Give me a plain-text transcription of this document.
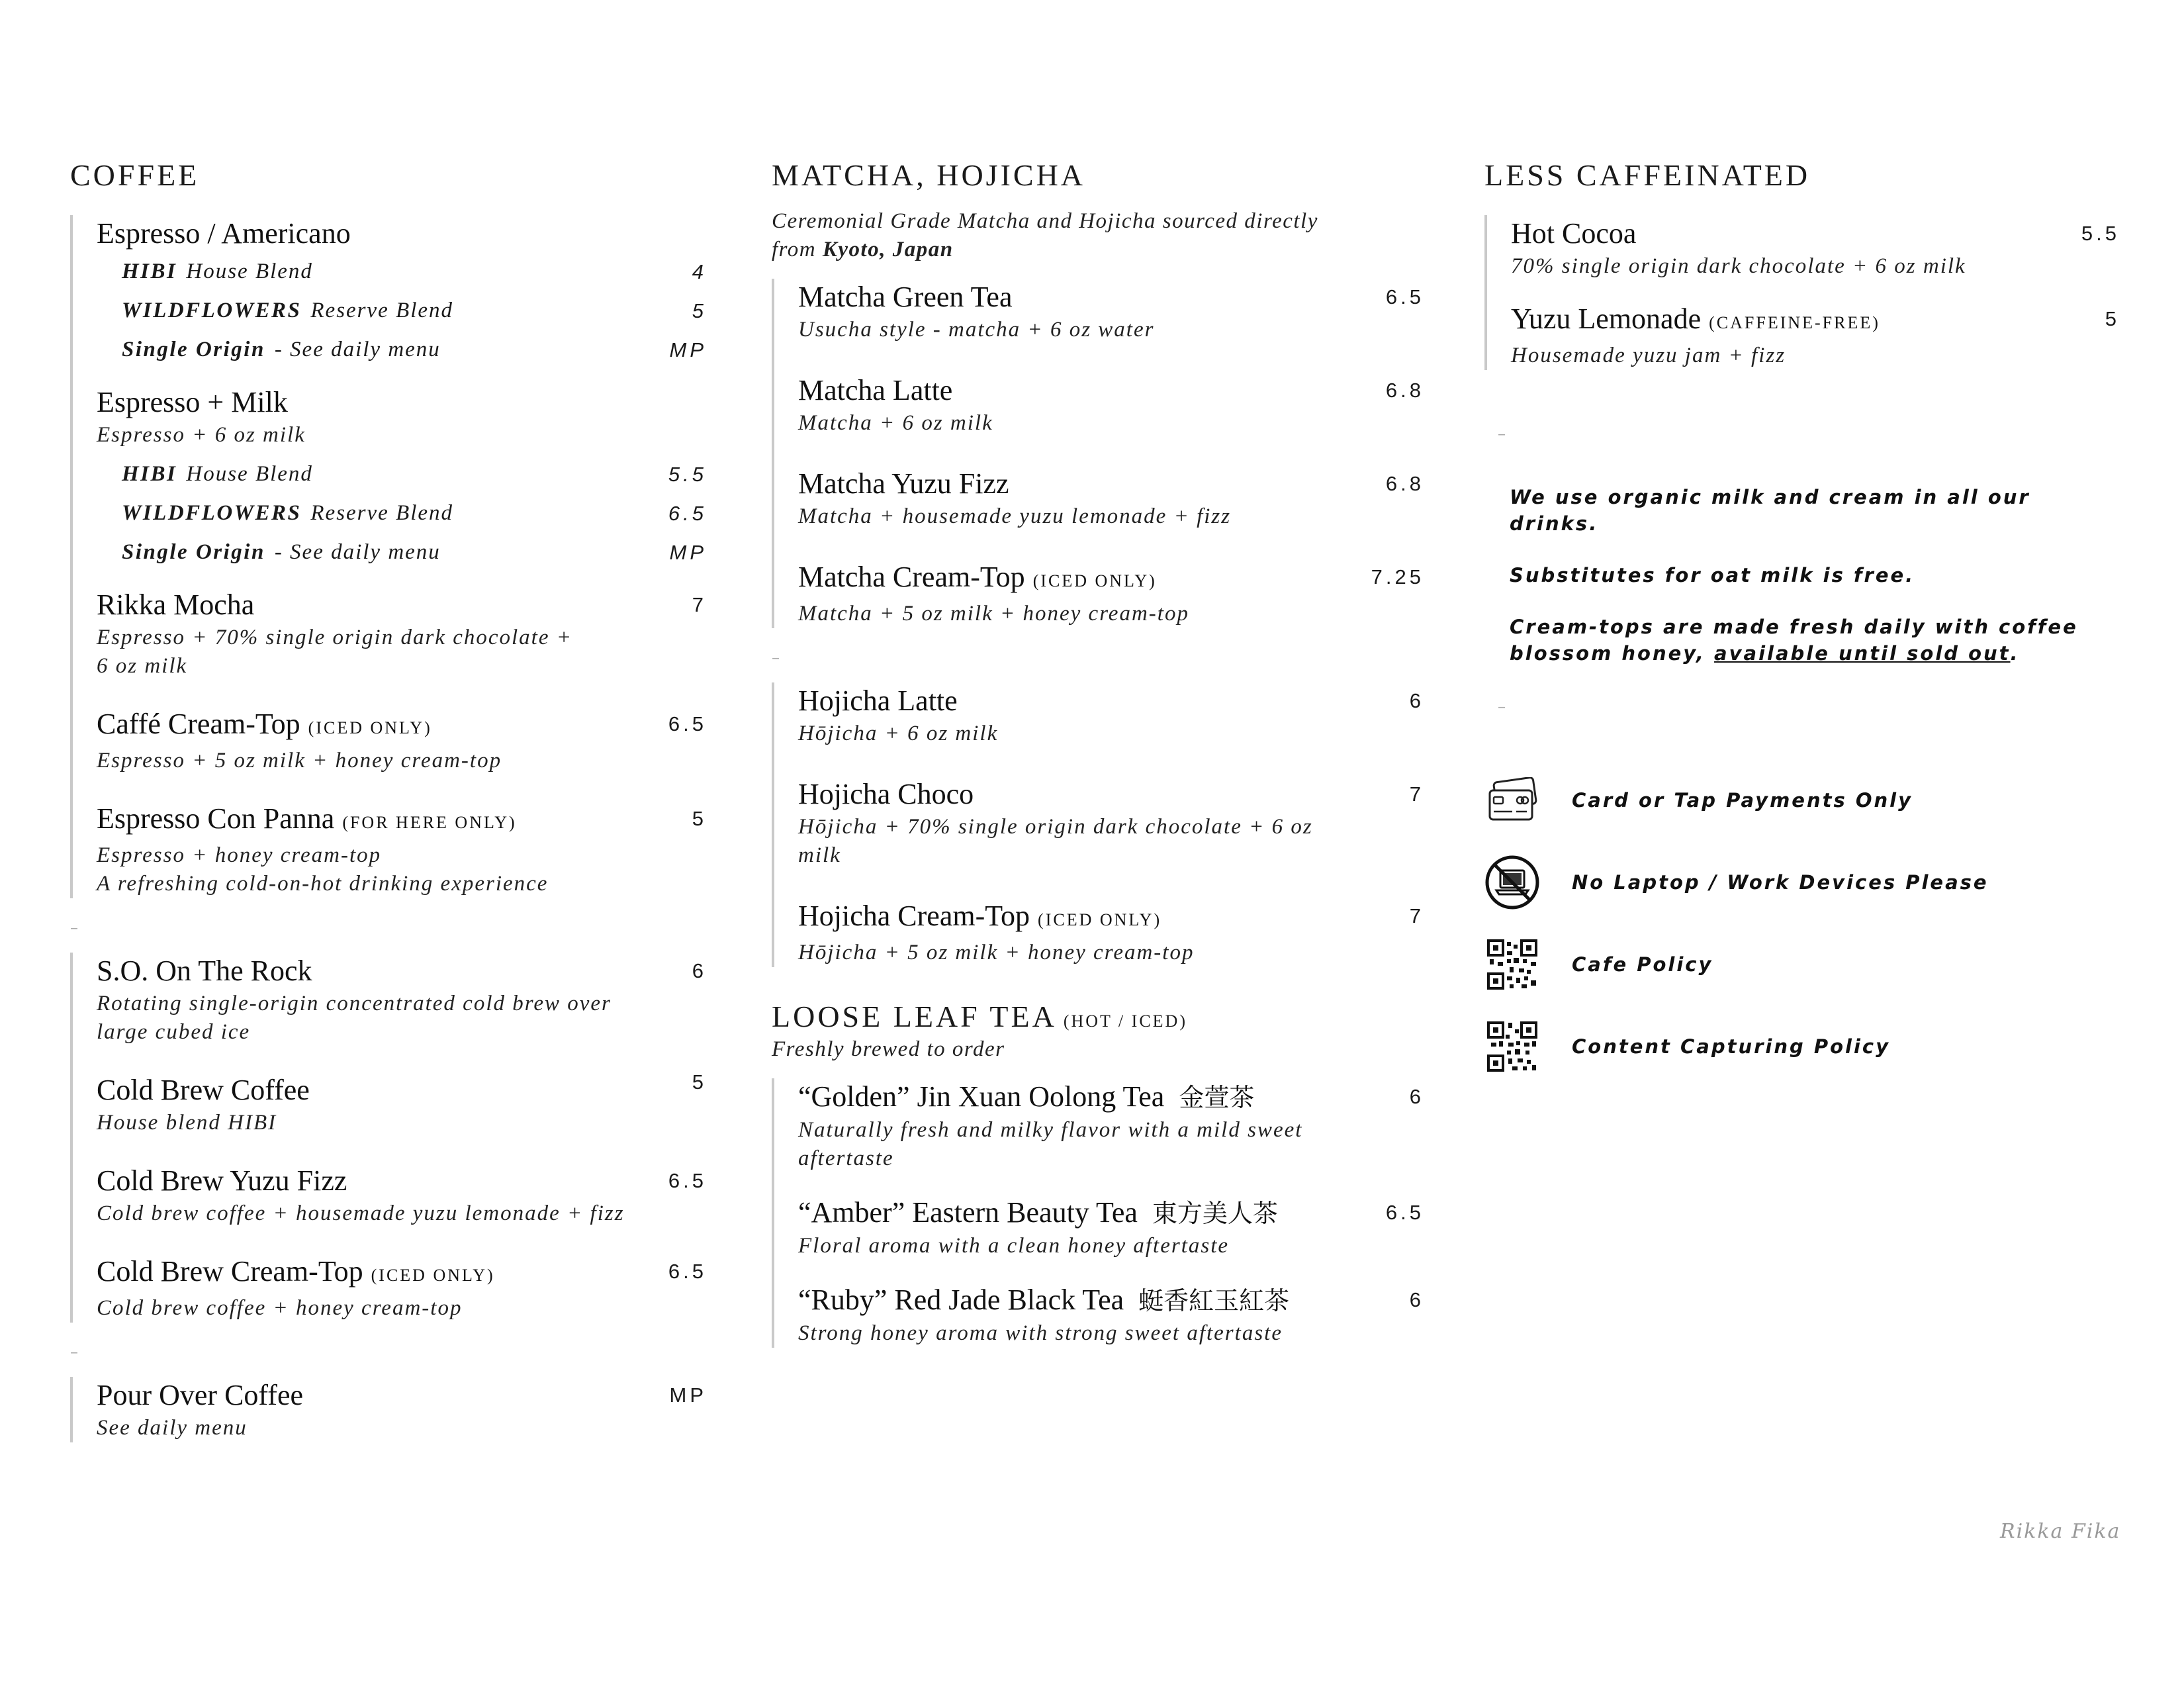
COFFEE
Espresso / Americano
HIBI House Blend	4
WILDFLOWERS Reserve Blend	5
Single Origin - See daily menu	MP
Espresso + Milk
Espresso + 6 oz milk
HIBI House Blend	5.5
WILDFLOWERS Reserve Blend	6.5
Single Origin - See daily menu	MP
Rikka Mocha	7
Espresso + 70% single origin dark chocolate + 6 oz milk
Caffé Cream-Top (ICED ONLY)	6.5
Espresso + 5 oz milk + honey cream-top
Espresso Con Panna (FOR HERE ONLY)	5
Espresso + honey cream-top
A refreshing cold-on-hot drinking experience
–
S.O. On The Rock	6
Rotating single-origin concentrated cold brew over large cubed ice
Cold Brew Coffee	5
House blend HIBI
Cold Brew Yuzu Fizz	6.5
Cold brew coffee + housemade yuzu lemonade + fizz
Cold Brew Cream-Top (ICED ONLY)	6.5
Cold brew coffee + honey cream-top
–
Pour Over Coffee	MP
See daily menu
MATCHA, HOJICHA
Ceremonial Grade Matcha and Hojicha sourced directly from Kyoto, Japan
Matcha Green Tea	6.5
Usucha style - matcha + 6 oz water
Matcha Latte	6.8
Matcha + 6 oz milk
Matcha Yuzu Fizz	6.8
Matcha + housemade yuzu lemonade + fizz
Matcha Cream-Top (ICED ONLY)	7.25
Matcha + 5 oz milk + honey cream-top
–
Hojicha Latte	6
Hōjicha + 6 oz milk
Hojicha Choco	7
Hōjicha + 70% single origin dark chocolate + 6 oz milk
Hojicha Cream-Top (ICED ONLY)	7
Hōjicha + 5 oz milk + honey cream-top
LOOSE LEAF TEA (HOT / ICED)
Freshly brewed to order
“Golden” Jin Xuan Oolong Tea 金萱茶	6
Naturally fresh and milky flavor with a mild sweet aftertaste
“Amber” Eastern Beauty Tea 東方美人茶	6.5
Floral aroma with a clean honey aftertaste
“Ruby” Red Jade Black Tea 蜓香紅玉紅茶	6
Strong honey aroma with strong sweet aftertaste
LESS CAFFEINATED
Hot Cocoa	5.5
70% single origin dark chocolate + 6 oz milk
Yuzu Lemonade (CAFFEINE-FREE)	5
Housemade yuzu jam + fizz
–

We use organic milk and cream in all our drinks.

Substitutes for oat milk is free.

Cream-tops are made fresh daily with coffee blossom honey, available until sold out.

–
Card or Tap Payments Only
No Laptop / Work Devices Please
Cafe Policy
Content Capturing Policy
Rikka Fika
